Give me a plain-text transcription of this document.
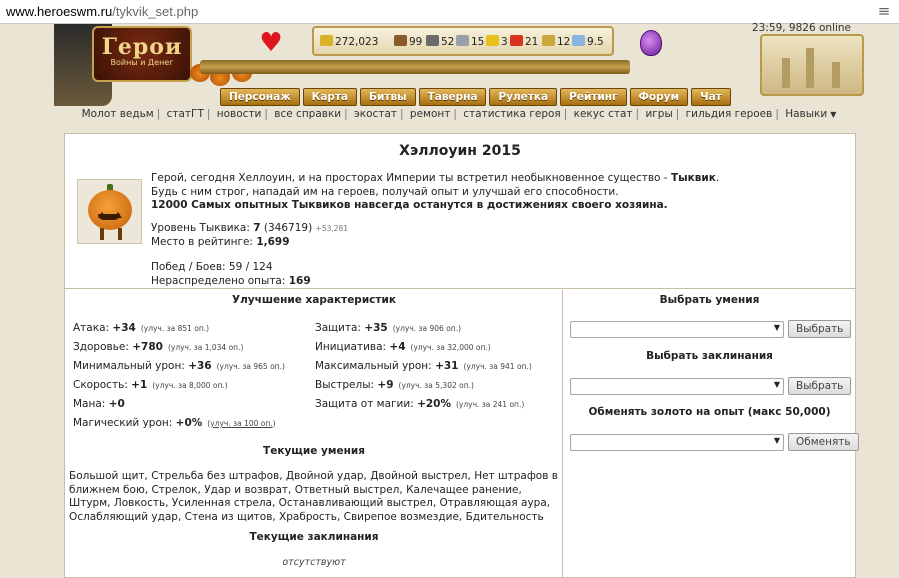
www.heroeswm.ru/tykvik_set.php	≡
Герои
Войны и Денег
♥	272,023	99	52	15	3	21	12	9.5
23:59, 9826 online
Персонаж	Карта	Битвы	Таверна	Рулетка	Рейтинг	Форум	Чат
Молот ведьм | статГТ | новости | все справки | экостат | ремонт | статистика героя | кекус стат | игры | гильдия героев | Навыки ▼
Хэллоуин 2015
Герой, сегодня Хеллоуин, и на просторах Империи ты встретил необыкновенное существо - Тыквик.
Будь с ним строг, нападай им на героев, получай опыт и улучшай его способности.
12000 Самых опытных Тыквиков навсегда останутся в достижениях своего хозяина.
Уровень Тыквика: 7 (346719) +53,281
Место в рейтинге: 1,699
Побед / Боев: 59 / 124
Нераспределено опыта: 169
Улучшение характеристик
Атака: +34 (улуч. за 851 оп.)	Защита: +35 (улуч. за 906 оп.)
Здоровье: +780 (улуч. за 1,034 оп.)	Инициатива: +4 (улуч. за 32,000 оп.)
Минимальный урон: +36 (улуч. за 965 оп.)	Максимальный урон: +31 (улуч. за 941 оп.)
Скорость: +1 (улуч. за 8,000 оп.)	Выстрелы: +9 (улуч. за 5,302 оп.)
Мана: +0	Защита от магии: +20% (улуч. за 241 оп.)
Магический урон: +0% (улуч. за 100 оп.)
Текущие умения
Большой щит, Стрельба без штрафов, Двойной удар, Двойной выстрел, Нет штрафов в ближнем бою, Стрелок, Удар и возврат, Ответный выстрел, Калечащее ранение, Штурм, Ловкость, Усиленная стрела, Останавливающий выстрел, Отравляющая аура, Ослабляющий удар, Стена из щитов, Храбрость, Свирепое возмездие, Бдительность
Текущие заклинания
отсутствуют
Выбрать умения
▼	Выбрать
Выбрать заклинания
▼	Выбрать
Обменять золото на опыт (макс 50,000)
▼	Обменять
